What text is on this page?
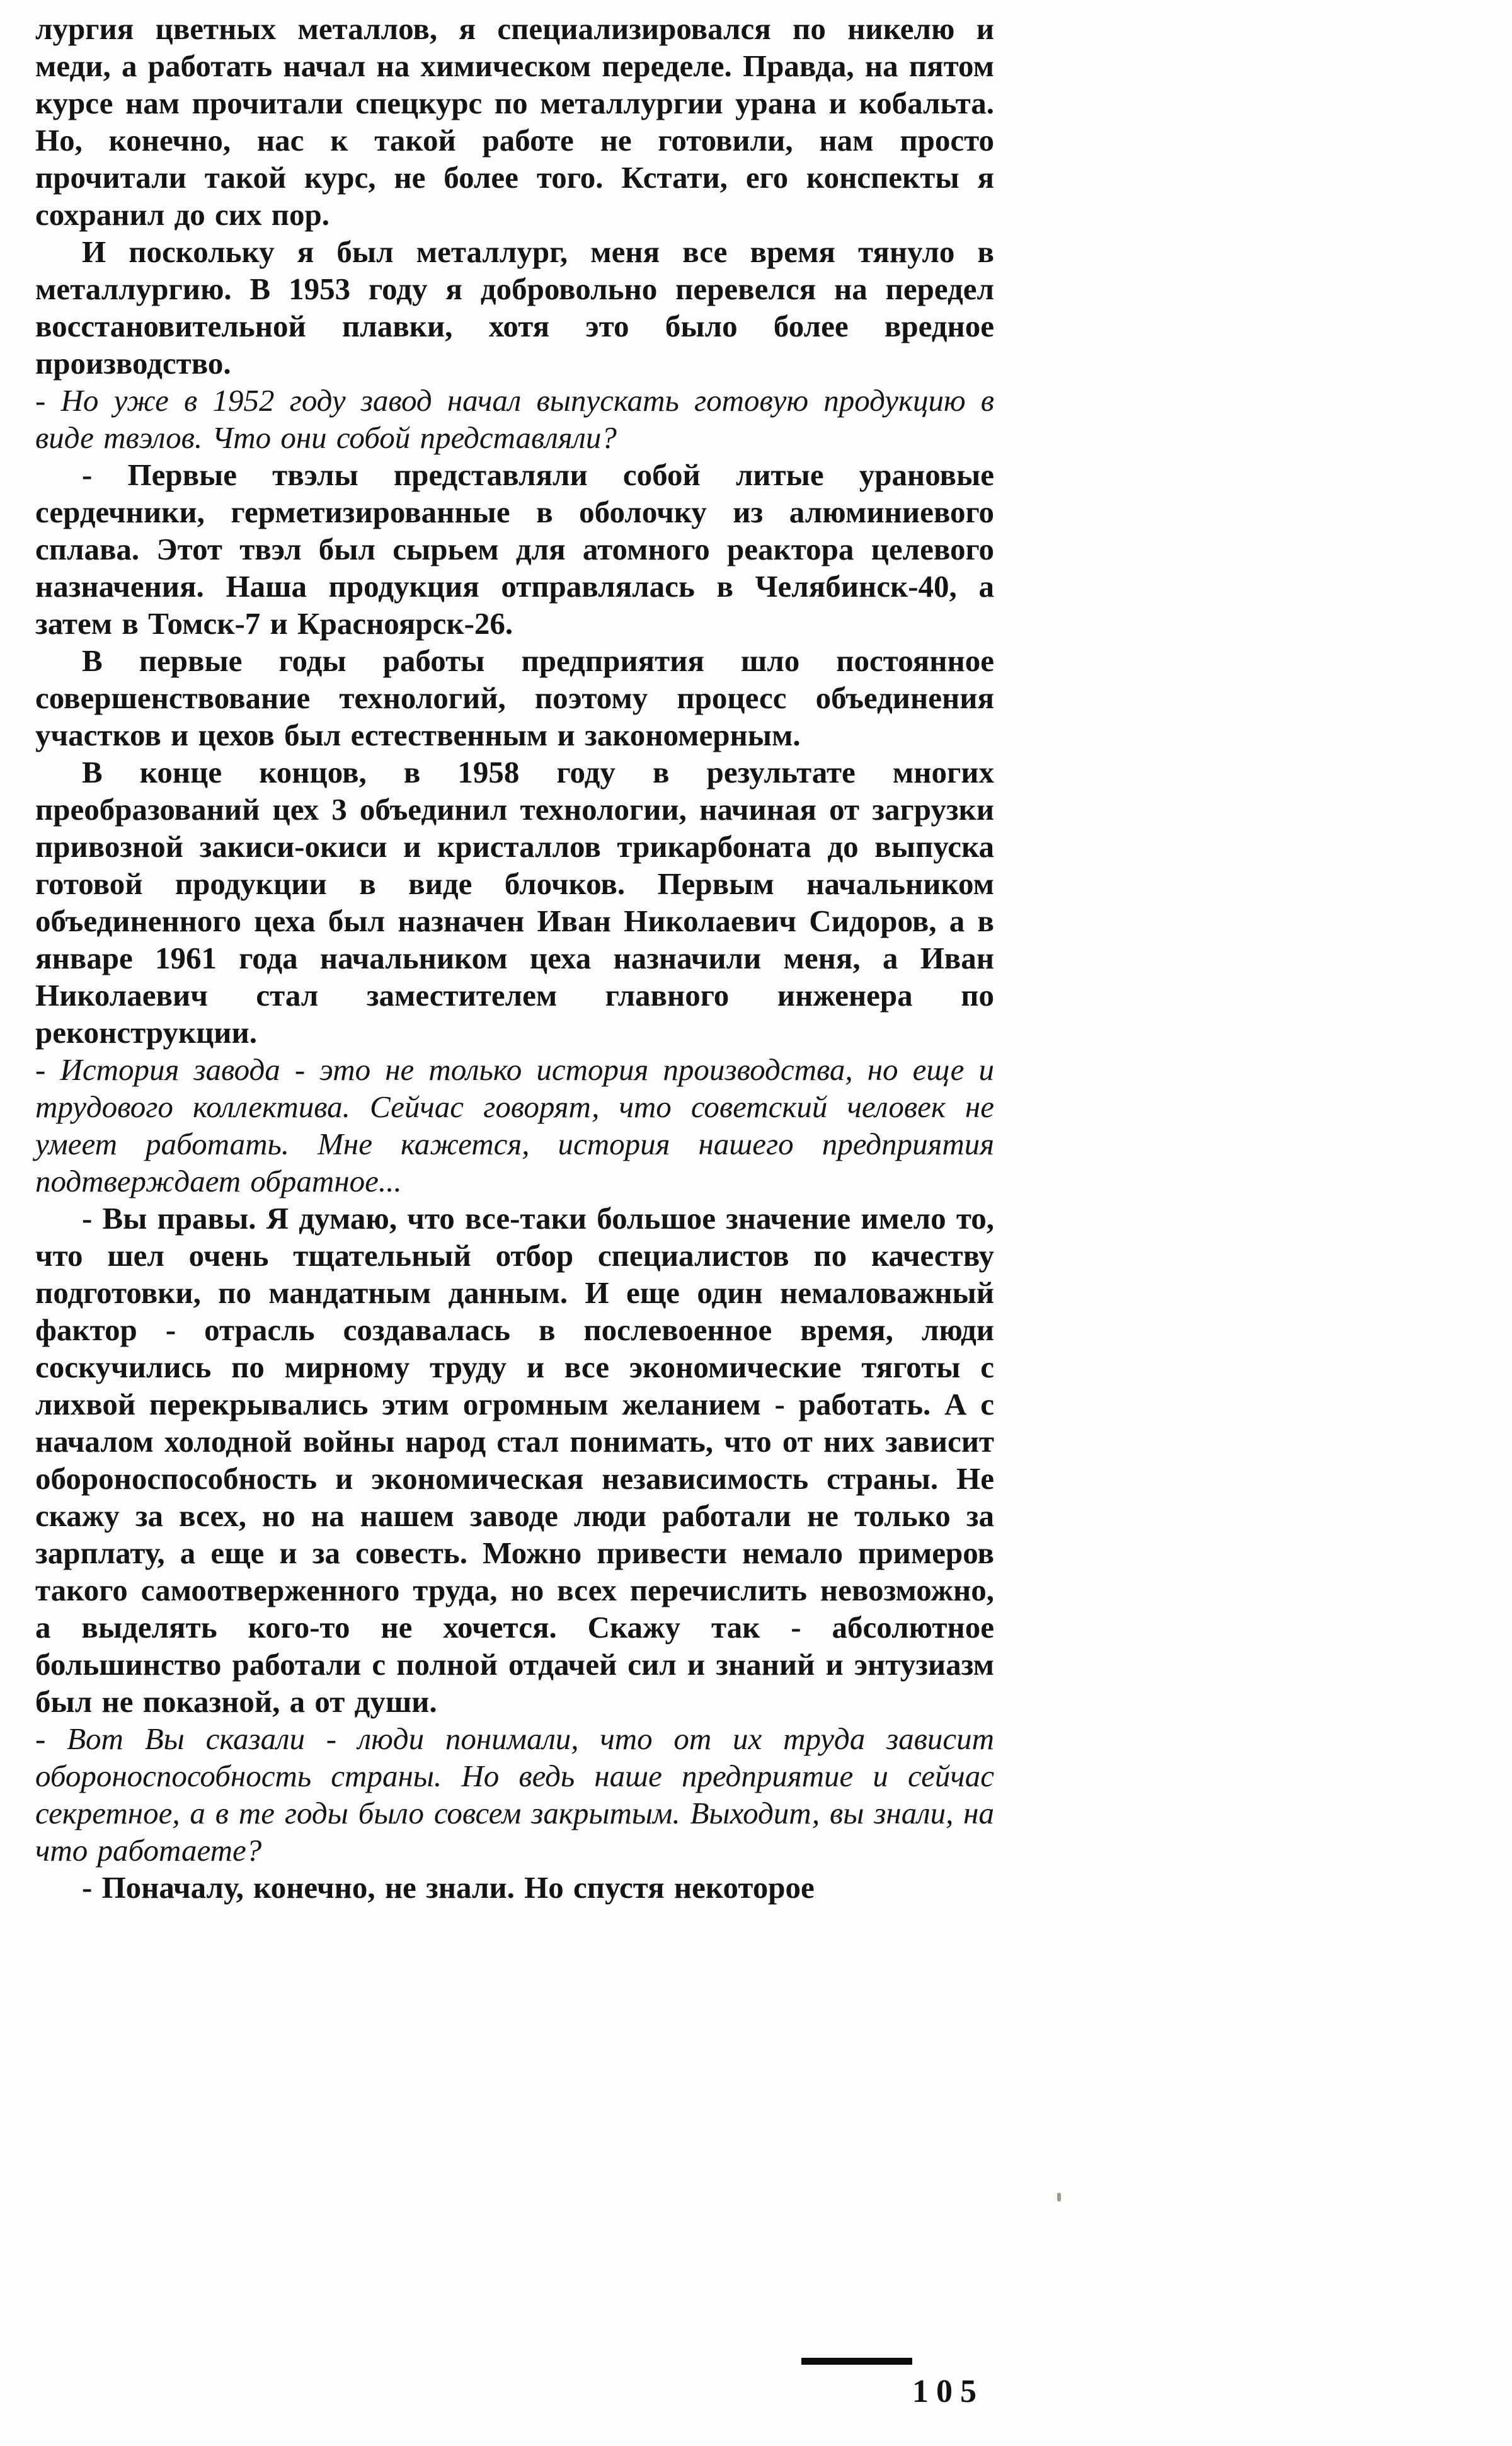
лургия цветных металлов, я специализировался по никелю и меди, а работать начал на химическом переделе. Правда, на пятом курсе нам прочитали спецкурс по металлургии урана и кобальта. Но, конечно, нас к такой работе не готовили, нам просто прочитали такой курс, не более того. Кстати, его конспекты я сохранил до сих пор.

И поскольку я был металлург, меня все время тянуло в металлургию. В 1953 году я добровольно перевелся на передел восстановительной плавки, хотя это было более вредное производство.

- Но уже в 1952 году завод начал выпускать готовую продукцию в виде твэлов. Что они собой представляли?

- Первые твэлы представляли собой литые урановые сердечники, герметизированные в оболочку из алюминиевого сплава. Этот твэл был сырьем для атомного реактора целевого назначения. Наша продукция отправлялась в Челябинск-40, а затем в Томск-7 и Красноярск-26.

В первые годы работы предприятия шло постоянное совершенствование технологий, поэтому процесс объединения участков и цехов был естественным и закономерным.

В конце концов, в 1958 году в результате многих преобразований цех 3 объединил технологии, начиная от загрузки привозной закиси-окиси и кристаллов трикарбоната до выпуска готовой продукции в виде блочков. Первым начальником объединенного цеха был назначен Иван Николаевич Сидоров, а в январе 1961 года начальником цеха назначили меня, а Иван Николаевич стал заместителем главного инженера по реконструкции.

- История завода - это не только история производства, но еще и трудового коллектива. Сейчас говорят, что советский человек не умеет работать. Мне кажется, история нашего предприятия подтверждает обратное...

- Вы правы. Я думаю, что все-таки большое значение имело то, что шел очень тщательный отбор специалистов по качеству подготовки, по мандатным данным. И еще один немаловажный фактор - отрасль создавалась в послевоенное время, люди соскучились по мирному труду и все экономические тяготы с лихвой перекрывались этим огромным желанием - работать. А с началом холодной войны народ стал понимать, что от них зависит обороноспособность и экономическая независимость страны. Не скажу за всех, но на нашем заводе люди работали не только за зарплату, а еще и за совесть. Можно привести немало примеров такого самоотверженного труда, но всех перечислить невозможно, а выделять кого-то не хочется. Скажу так - абсолютное большинство работали с полной отдачей сил и знаний и энтузиазм был не показной, а от души.

- Вот Вы сказали - люди понимали, что от их труда зависит обороноспособность страны. Но ведь наше предприятие и сейчас секретное, а в те годы было совсем закрытым. Выходит, вы знали, на что работаете?

- Поначалу, конечно, не знали. Но спустя некоторое

105
